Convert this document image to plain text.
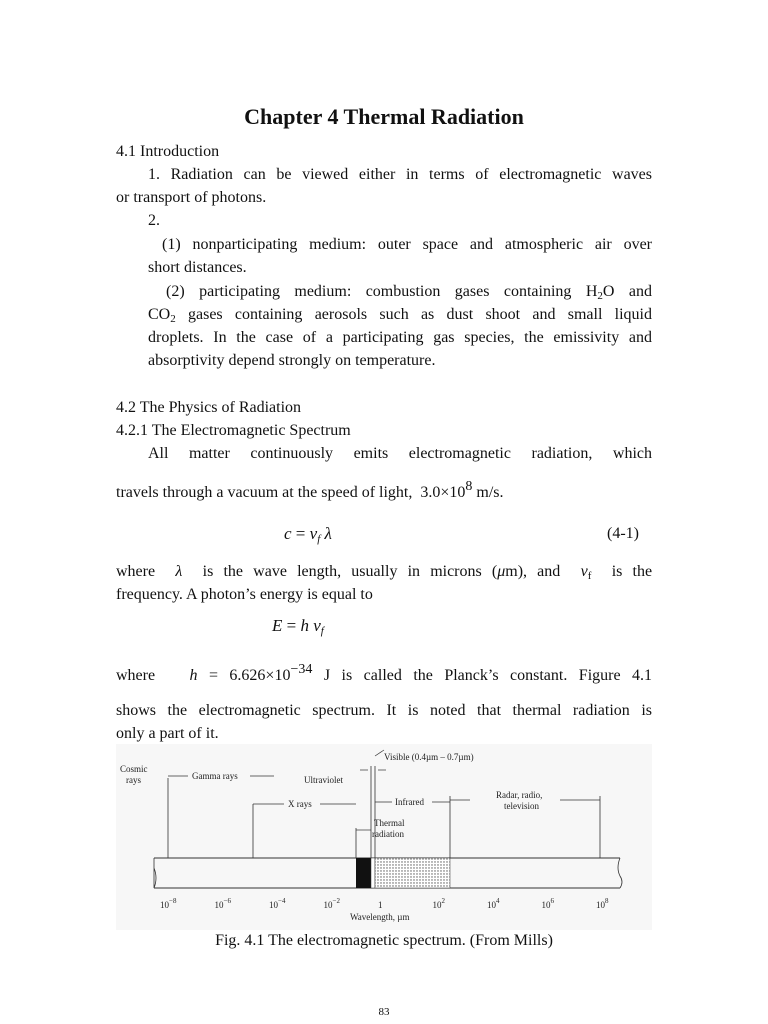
Chapter 4 Thermal Radiation
4.1 Introduction
1. Radiation can be viewed either in terms of electromagnetic waves
or transport of photons.
2.
(1) nonparticipating medium: outer space and atmospheric air over
short distances.
(2) participating medium: combustion gases containing $H_2O$ and
$CO_2$ gases containing aerosols such as dust shoot and small liquid
droplets. In the case of a participating gas species, the emissivity and
absorptivity depend strongly on temperature.
4.2 The Physics of Radiation
4.2.1 The Electromagnetic Spectrum
All matter continuously emits electromagnetic radiation, which
travels through a vacuum at the speed of light, $3.0\times 10^8$ m/s.
$c = \nu_f$ λ	(4-1)
where λ is the wave length, usually in microns (μm), and $\nu_f$ is the
frequency. A photon’s energy is equal to
E = h $\nu_f$
where $h = 6.626\times 10^{-34}$ J is called the Planck’s constant. Figure 4.1
shows the electromagnetic spectrum. It is noted that thermal radiation is
only a part of it.
Cosmic
rays	Gamma rays	Ultraviolet
Visible (0.4µm – 0.7µm)
X rays	Infrared
Radar, radio,
television
Thermal
radiation
$10^{-8}$	$10^{-6}$	$10^{-4}$	$10^{-2}$	1	$10^2$	$10^4$	$10^6$	$10^8$
Wavelength, µm
Fig. 4.1 The electromagnetic spectrum. (From Mills)
83
